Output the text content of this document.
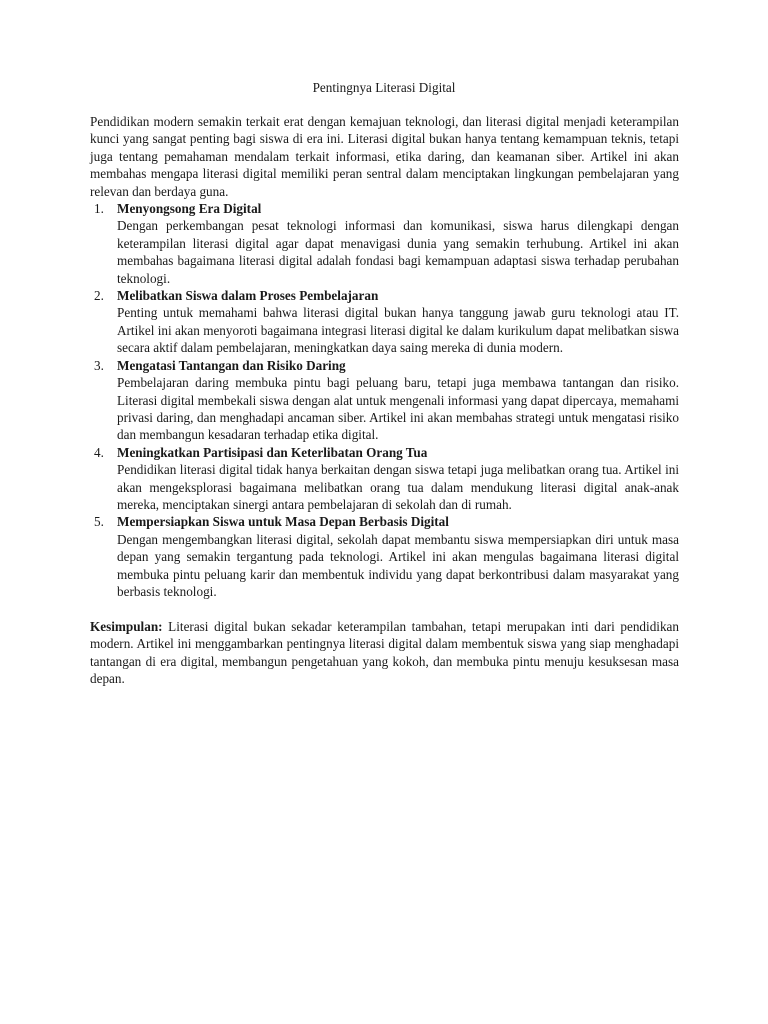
Pentingnya Literasi Digital

Pendidikan modern semakin terkait erat dengan kemajuan teknologi, dan literasi digital menjadi keterampilan kunci yang sangat penting bagi siswa di era ini. Literasi digital bukan hanya tentang kemampuan teknis, tetapi juga tentang pemahaman mendalam terkait informasi, etika daring, dan keamanan siber. Artikel ini akan membahas mengapa literasi digital memiliki peran sentral dalam menciptakan lingkungan pembelajaran yang relevan dan berdaya guna.

1. Menyongsong Era Digital

Dengan perkembangan pesat teknologi informasi dan komunikasi, siswa harus dilengkapi dengan keterampilan literasi digital agar dapat menavigasi dunia yang semakin terhubung. Artikel ini akan membahas bagaimana literasi digital adalah fondasi bagi kemampuan adaptasi siswa terhadap perubahan teknologi.

2. Melibatkan Siswa dalam Proses Pembelajaran

Penting untuk memahami bahwa literasi digital bukan hanya tanggung jawab guru teknologi atau IT. Artikel ini akan menyoroti bagaimana integrasi literasi digital ke dalam kurikulum dapat melibatkan siswa secara aktif dalam pembelajaran, meningkatkan daya saing mereka di dunia modern.

3. Mengatasi Tantangan dan Risiko Daring

Pembelajaran daring membuka pintu bagi peluang baru, tetapi juga membawa tantangan dan risiko. Literasi digital membekali siswa dengan alat untuk mengenali informasi yang dapat dipercaya, memahami privasi daring, dan menghadapi ancaman siber. Artikel ini akan membahas strategi untuk mengatasi risiko dan membangun kesadaran terhadap etika digital.

4. Meningkatkan Partisipasi dan Keterlibatan Orang Tua

Pendidikan literasi digital tidak hanya berkaitan dengan siswa tetapi juga melibatkan orang tua. Artikel ini akan mengeksplorasi bagaimana melibatkan orang tua dalam mendukung literasi digital anak-anak mereka, menciptakan sinergi antara pembelajaran di sekolah dan di rumah.

5. Mempersiapkan Siswa untuk Masa Depan Berbasis Digital

Dengan mengembangkan literasi digital, sekolah dapat membantu siswa mempersiapkan diri untuk masa depan yang semakin tergantung pada teknologi. Artikel ini akan mengulas bagaimana literasi digital membuka pintu peluang karir dan membentuk individu yang dapat berkontribusi dalam masyarakat yang berbasis teknologi.

Kesimpulan: Literasi digital bukan sekadar keterampilan tambahan, tetapi merupakan inti dari pendidikan modern. Artikel ini menggambarkan pentingnya literasi digital dalam membentuk siswa yang siap menghadapi tantangan di era digital, membangun pengetahuan yang kokoh, dan membuka pintu menuju kesuksesan masa depan.
